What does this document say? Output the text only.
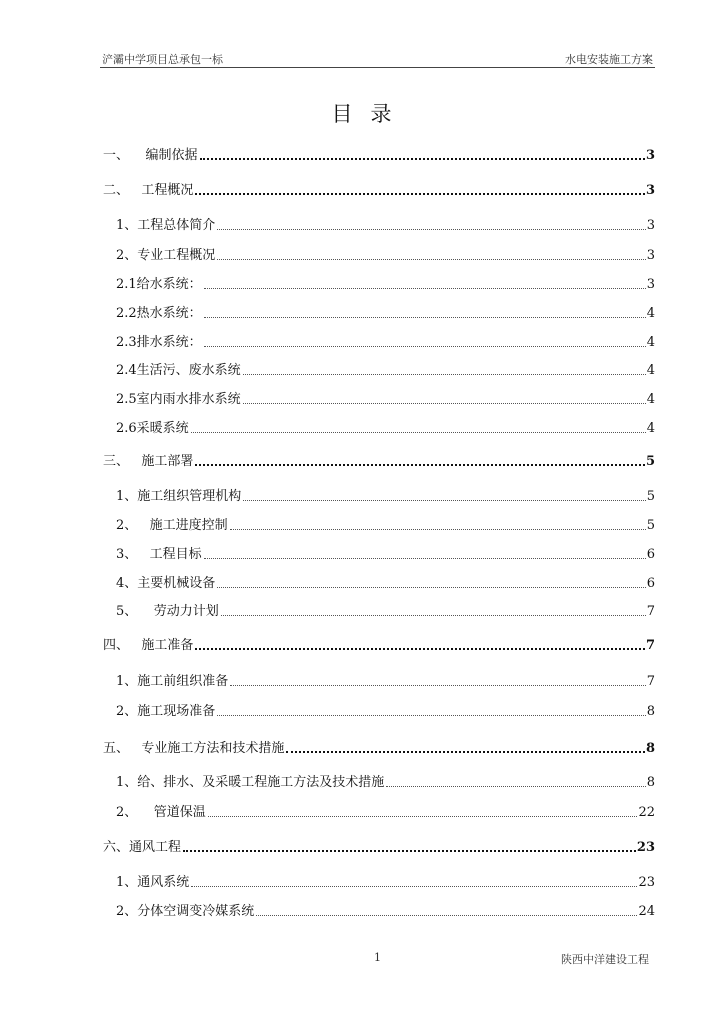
浐灞中学项目总承包一标	水电安装施工方案
目录
一、    编制依据	3
二、   工程概况	3
1、工程总体简介	3
2、专业工程概况	3
2.1给水系统：	3
2.2热水系统：	4
2.3排水系统：	4
2.4生活污、废水系统	4
2.5室内雨水排水系统	4
2.6采暖系统	4
三、   施工部署	5
1、施工组织管理机构	5
2、   施工进度控制	5
3、   工程目标	6
4、主要机械设备	6
5、    劳动力计划	7
四、   施工准备	7
1、施工前组织准备	7
2、施工现场准备	8
五、   专业施工方法和技术措施	8
1、给、排水、及采暖工程施工方法及技术措施	8
2、    管道保温	22
六、通风工程	23
1、通风系统	23
2、分体空调变冷媒系统	24
1	陕西中洋建设工程
